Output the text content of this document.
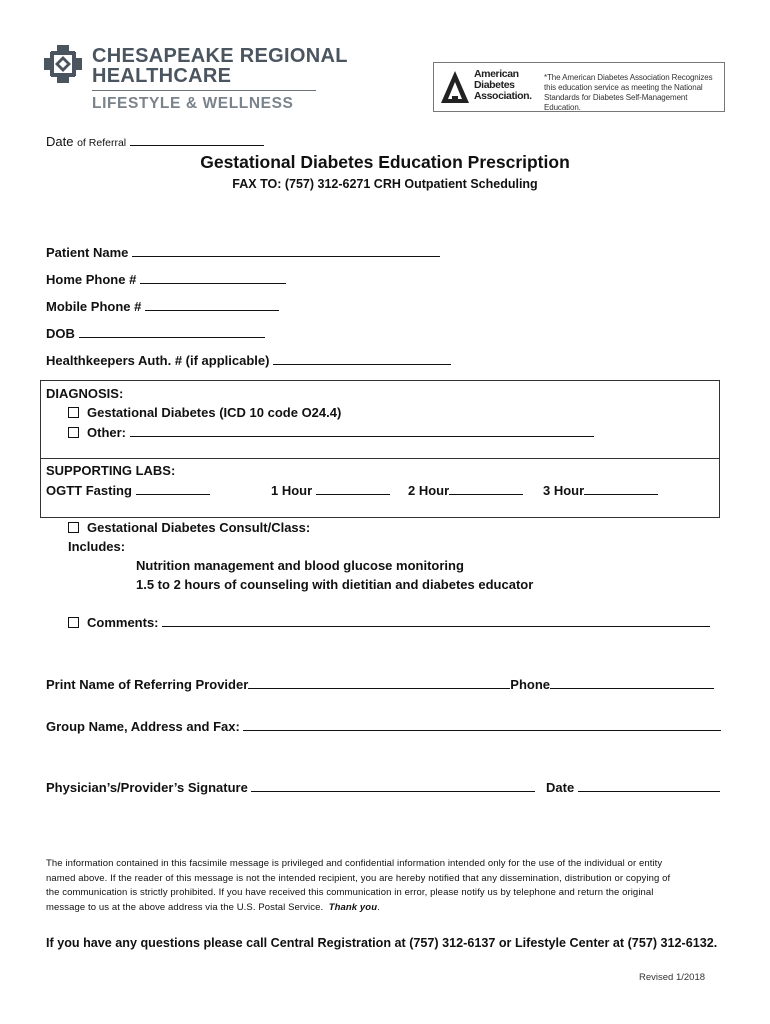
CHESAPEAKE REGIONAL
HEALTHCARE
LIFESTYLE & WELLNESS
American
Diabetes
Association.
*The American Diabetes Association Recognizes
this education service as meeting the National
Standards for Diabetes Self-Management Education.
Date of Referral
Gestational Diabetes Education Prescription
FAX TO: (757) 312-6271 CRH Outpatient Scheduling
Patient Name
Home Phone #
Mobile Phone #
DOB
Healthkeepers Auth. # (if applicable)
DIAGNOSIS:
Gestational Diabetes (ICD 10 code O24.4)
Other:
SUPPORTING LABS:
OGTT Fasting	1 Hour	2 Hour	3 Hour
Gestational Diabetes Consult/Class:
Includes:
Nutrition management and blood glucose monitoring
1.5 to 2 hours of counseling with dietitian and diabetes educator
Comments:
Print Name of Referring Provider	Phone
Group Name, Address and Fax:
Physician’s/Provider’s Signature	Date
The information contained in this facsimile message is privileged and confidential information intended only for the use of the individual or entity
named above. If the reader of this message is not the intended recipient, you are hereby notified that any dissemination, distribution or copying of
the communication is strictly prohibited. If you have received this communication in error, please notify us by telephone and return the original
message to us at the above address via the U.S. Postal Service. Thank you.
If you have any questions please call Central Registration at (757) 312-6137 or Lifestyle Center at (757) 312-6132.
Revised 1/2018
